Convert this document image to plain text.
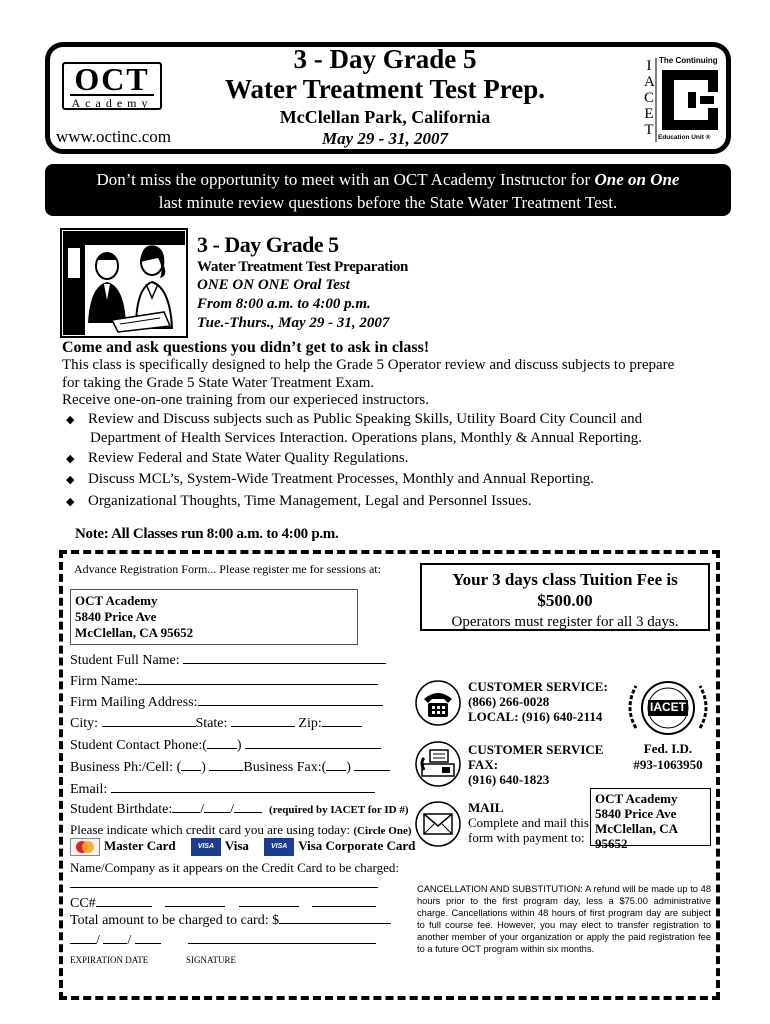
OCT
Academy
www.octinc.com
3 - Day Grade 5
Water Treatment Test Prep.
McClellan Park, California
May 29 - 31, 2007
IACET
The Continuing
Education Unit ®
Don’t miss the opportunity to meet with an OCT Academy Instructor for One on One
last minute review questions before the State Water Treatment Test.
3 - Day Grade 5
Water Treatment Test Preparation
ONE ON ONE Oral Test
From 8:00 a.m. to 4:00 p.m.
Tue.-Thurs., May 29 - 31, 2007
Come and ask questions you didn’t get to ask in class!
This class is specifically designed to help the Grade 5 Operator review and discuss subjects to prepare
for taking the Grade 5 State Water Treatment Exam.
Receive one-on-one training from our experieced instructors.
◆ Review and Discuss subjects such as Public Speaking Skills, Utility Board City Council and
Department of Health Services Interaction. Operations plans, Monthly & Annual Reporting.
◆ Review Federal and State Water Quality Regulations.
◆ Discuss MCL’s, System-Wide Treatment Processes, Monthly and Annual Reporting.
◆ Organizational Thoughts, Time Management, Legal and Personnel Issues.
Note: All Classes run 8:00 a.m. to 4:00 p.m.
Advance Registration Form... Please register me for sessions at:
OCT Academy
5840 Price Ave
McClellan, CA 95652
Your 3 days class Tuition Fee is
$500.00
Operators must register for all 3 days.
Student Full Name:
Firm Name:
Firm Mailing Address:
City:	State:	Zip:
Student Contact Phone:( )
Business Ph:/Cell: ( )	Business Fax:( )
Email:
Student Birthdate: / /	(required by IACET for ID #)
Please indicate which credit card you are using today: (Circle One)
Master Card	VISA Visa	VISA Visa Corporate Card
Name/Company as it appears on the Credit Card to be charged:
CC#
Total amount to be charged to card: $
/ /
EXPIRATION DATE	SIGNATURE
CUSTOMER SERVICE:
(866) 266-0028
LOCAL: (916) 640-2114
CUSTOMER SERVICE
FAX:
(916) 640-1823
MAIL
Complete and mail this
form with payment to:
IACET
Fed. I.D.
#93-1063950
OCT Academy
5840 Price Ave
McClellan, CA
95652
CANCELLATION AND SUBSTITUTION: A refund will be made up to 48 hours prior to the first program day, less a $75.00 administrative charge. Cancellations within 48 hours of first program day are subject to full course fee. However, you may elect to transfer registration to another member of your organization or apply the paid registration fee to a future OCT program within six months.
